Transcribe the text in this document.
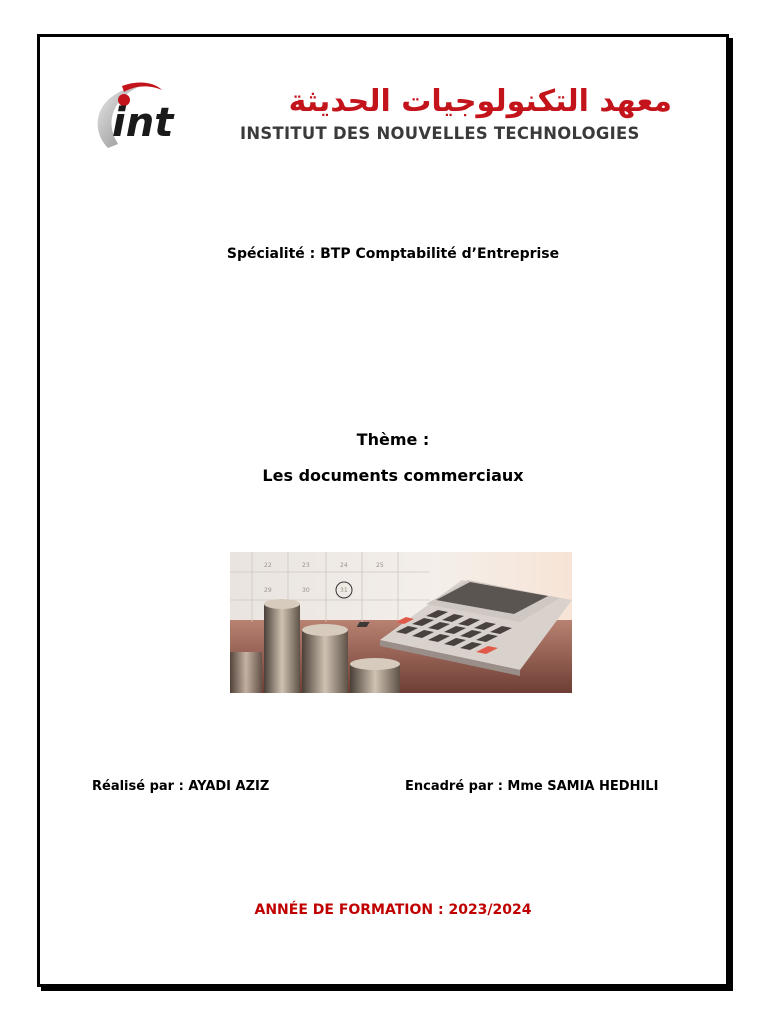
int	معهد التكنولوجيات الحديثة
INSTITUT DES NOUVELLES TECHNOLOGIES
Spécialité : BTP Comptabilité d’Entreprise
Thème :
Les documents commerciaux
22	23	24	25
29	30	31
Réalisé par : AYADI AZIZ	Encadré par : Mme SAMIA HEDHILI
ANNÉE DE FORMATION : 2023/2024
